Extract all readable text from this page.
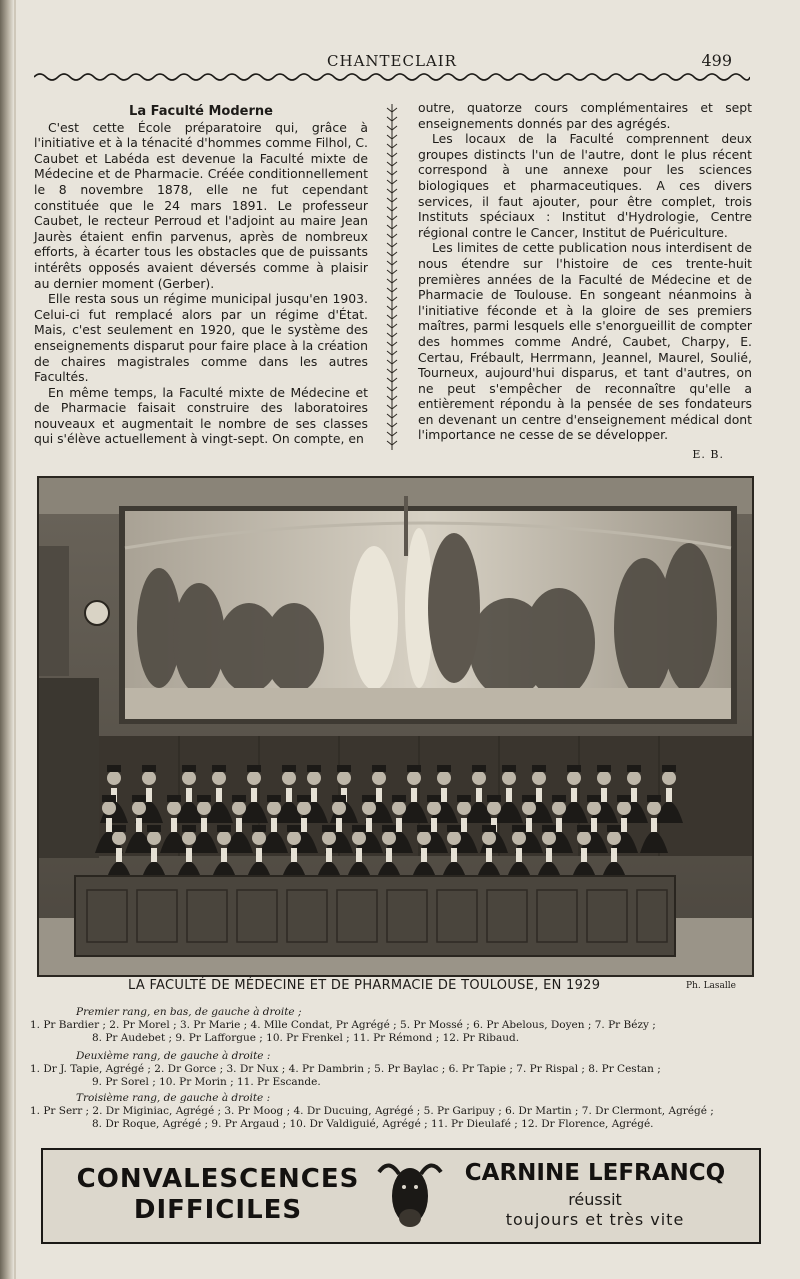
CHANTECLAIR	499

La Faculté Moderne

C'est cette École préparatoire qui, grâce à l'initiative et à la ténacité d'hommes comme Filhol, C. Caubet et Labéda est devenue la Faculté mixte de Médecine et de Pharmacie. Créée conditionnellement le 8 novembre 1878, elle ne fut cependant constituée que le 24 mars 1891. Le professeur Caubet, le recteur Perroud et l'adjoint au maire Jean Jaurès étaient enfin parvenus, après de nombreux efforts, à écarter tous les obstacles que de puissants intérêts opposés avaient déversés comme à plaisir au dernier moment (Gerber).

Elle resta sous un régime municipal jusqu'en 1903. Celui-ci fut remplacé alors par un régime d'État. Mais, c'est seulement en 1920, que le système des enseignements disparut pour faire place à la création de chaires magistrales comme dans les autres Facultés.

En même temps, la Faculté mixte de Médecine et de Pharmacie faisait construire des laboratoires nouveaux et augmentait le nombre de ses classes qui s'élève actuellement à vingt-sept. On compte, en

outre, quatorze cours complémentaires et sept enseignements donnés par des agrégés.

Les locaux de la Faculté comprennent deux groupes distincts l'un de l'autre, dont le plus récent correspond à une annexe pour les sciences biologiques et pharmaceutiques. A ces divers services, il faut ajouter, pour être complet, trois Instituts spéciaux : Institut d'Hydrologie, Centre régional contre le Cancer, Institut de Puériculture.

Les limites de cette publication nous interdisent de nous étendre sur l'histoire de ces trente-huit premières années de la Faculté de Médecine et de Pharmacie de Toulouse. En songeant néanmoins à l'initiative féconde et à la gloire de ses premiers maîtres, parmi lesquels elle s'enorgueillit de compter des hommes comme André, Caubet, Charpy, E. Certau, Frébault, Herrmann, Jeannel, Maurel, Soulié, Tourneux, aujourd'hui disparus, et tant d'autres, on ne peut s'empêcher de reconnaître qu'elle a entièrement répondu à la pensée de ses fondateurs en devenant un centre d'enseignement médical dont l'importance ne cesse de se développer.

E. B.
LA FACULTÉ DE MÉDECINE ET DE PHARMACIE DE TOULOUSE, EN 1929	Ph. Lasalle
Premier rang, en bas, de gauche à droite ;
1. Pr Bardier ; 2. Pr Morel ; 3. Pr Marie ; 4. Mlle Condat, Pr Agrégé ; 5. Pr Mossé ; 6. Pr Abelous, Doyen ; 7. Pr Bézy ;
8. Pr Audebet ; 9. Pr Lafforgue ; 10. Pr Frenkel ; 11. Pr Rémond ; 12. Pr Ribaud.
Deuxième rang, de gauche à droite :
1. Dr J. Tapie, Agrégé ; 2. Dr Gorce ; 3. Dr Nux ; 4. Pr Dambrin ; 5. Pr Baylac ; 6. Pr Tapie ; 7. Pr Rispal ; 8. Pr Cestan ;
9. Pr Sorel ; 10. Pr Morin ; 11. Pr Escande.
Troisième rang, de gauche à droite :
1. Pr Serr ; 2. Dr Miginiac, Agrégé ; 3. Pr Moog ; 4. Dr Ducuing, Agrégé ; 5. Pr Garipuy ; 6. Dr Martin ; 7. Dr Clermont, Agrégé ;
8. Dr Roque, Agrégé ; 9. Pr Argaud ; 10. Dr Valdiguié, Agrégé ; 11. Pr Dieulafé ; 12. Dr Florence, Agrégé.
CONVALESCENCES
DIFFICILES
CARNINE LEFRANCQ
réussit
toujours et très vite
